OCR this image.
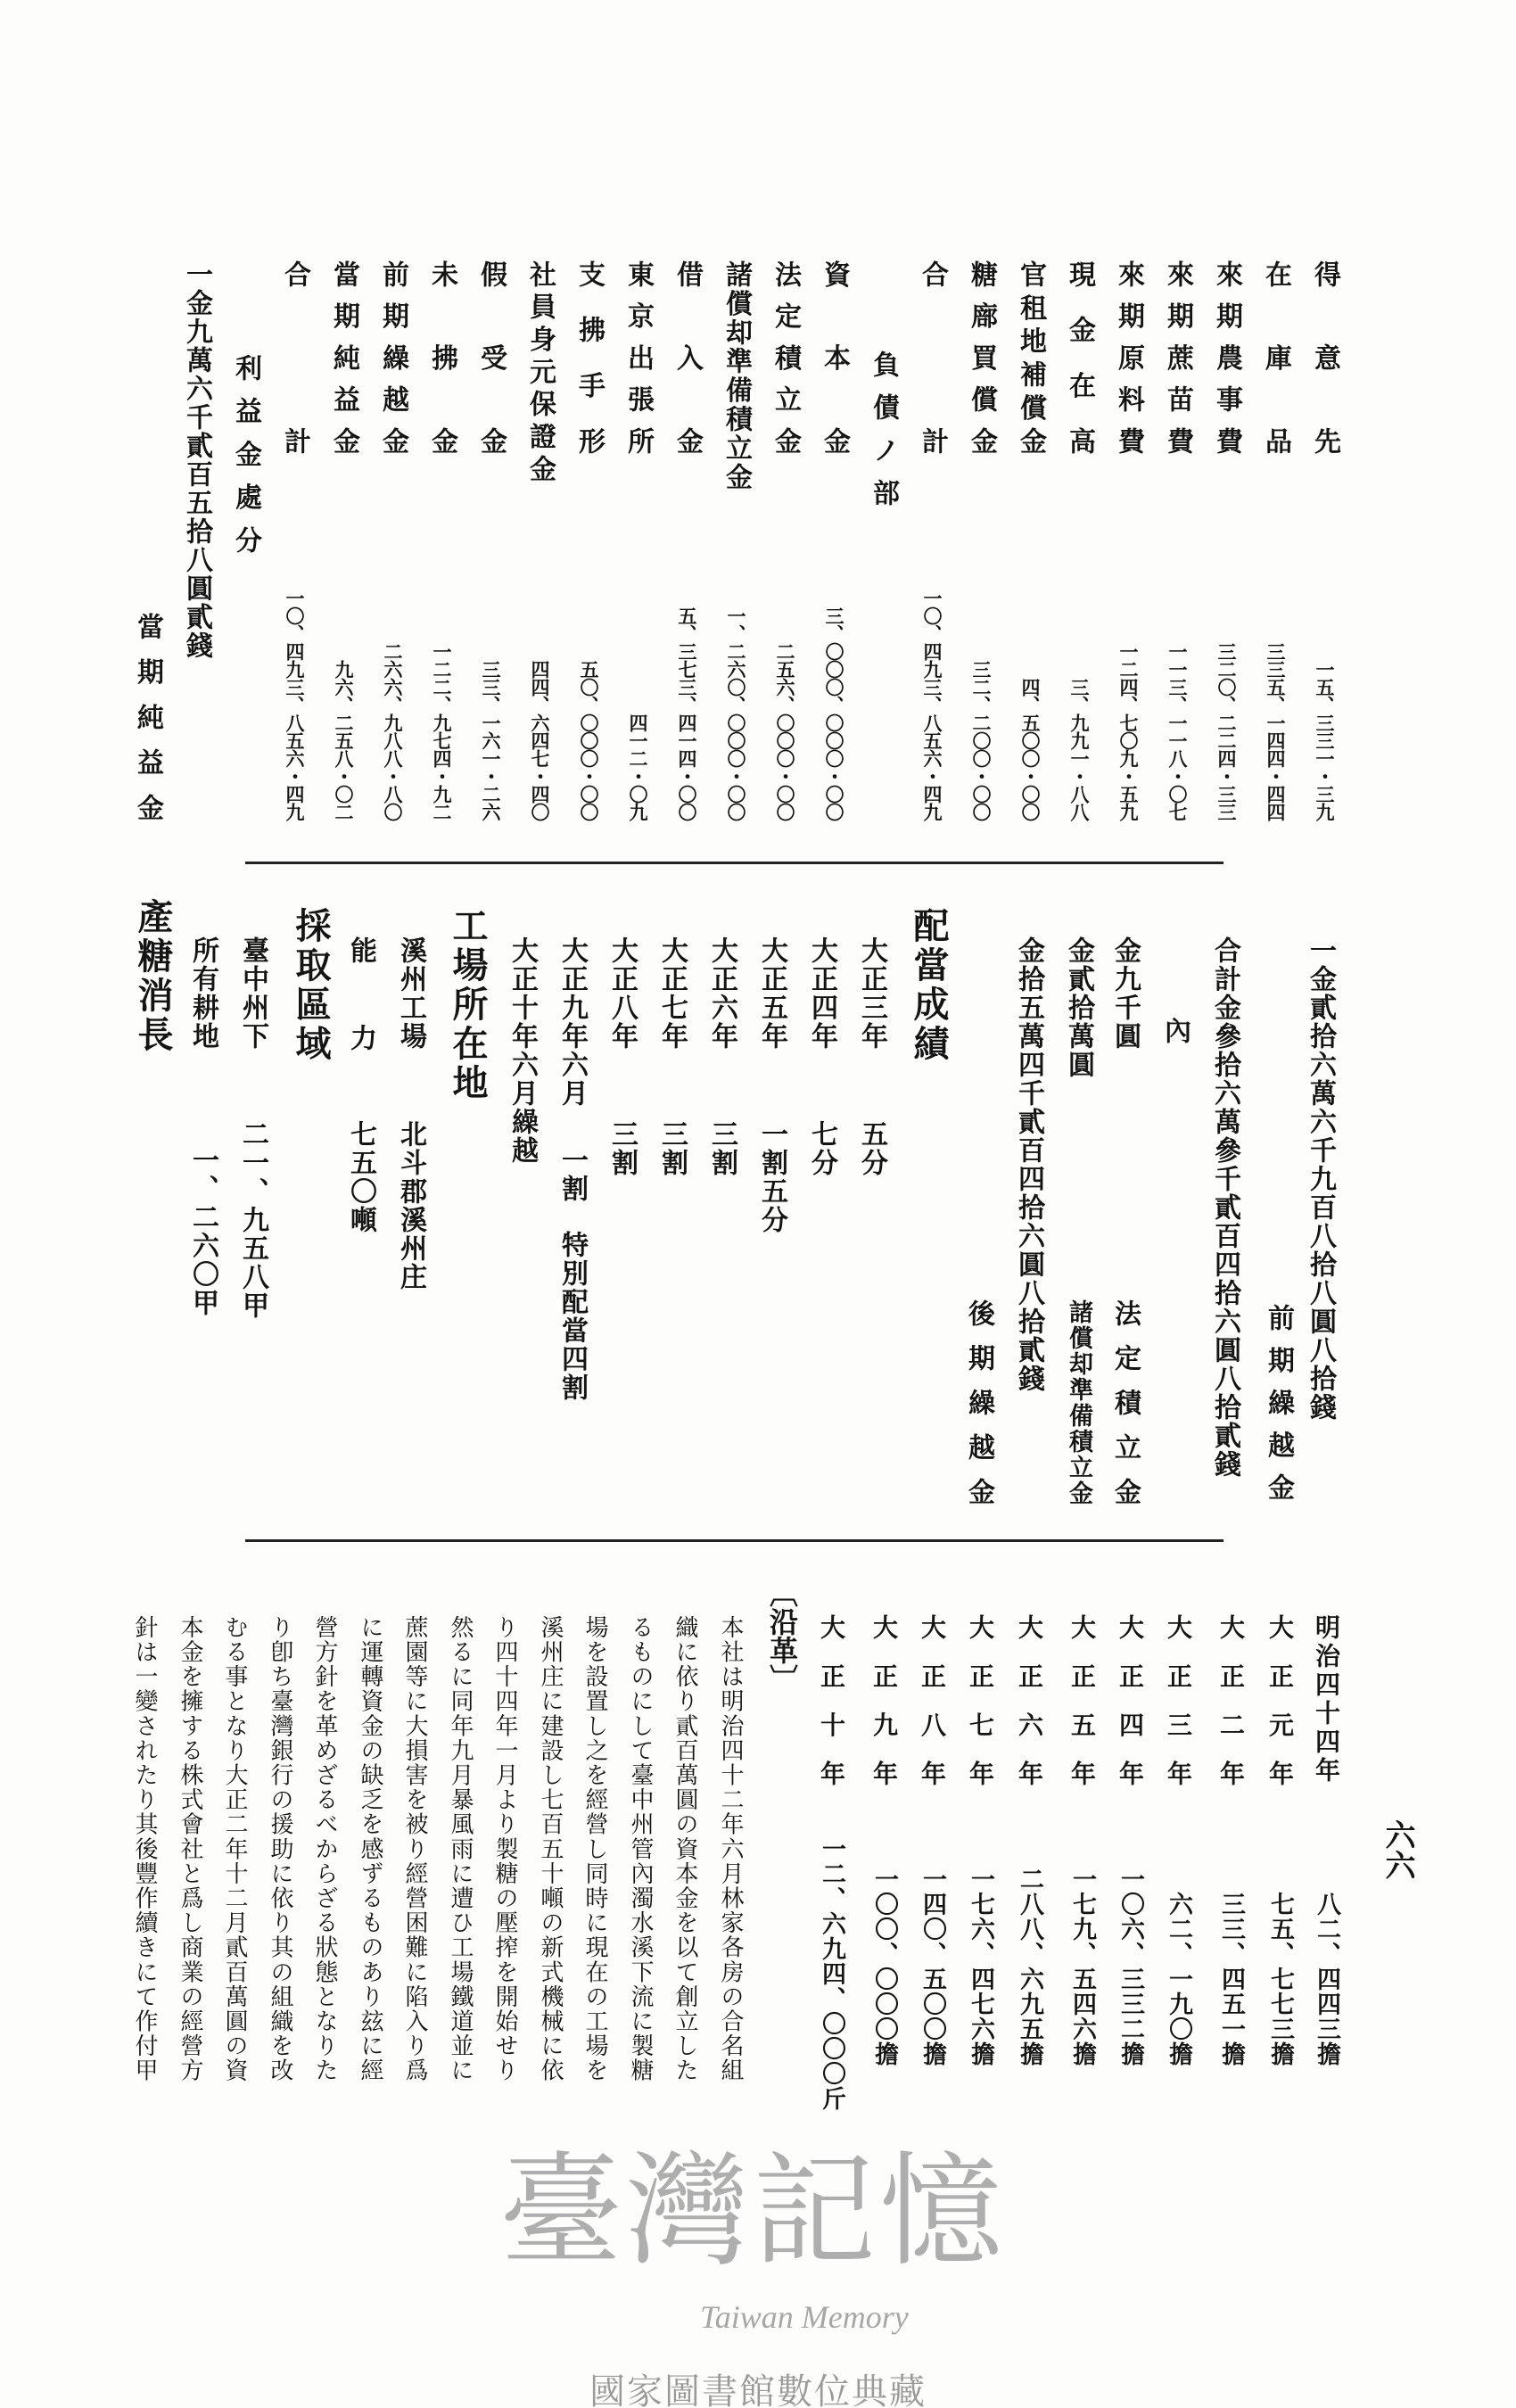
得意先
一五、三三一・三九
在庫品
三三五、一四四・四四
來期農事費
三二〇、二二四・三三
來期蔗苗費
一一三、一一八・〇七
來期原料費
一二四、七〇九・五九
現金在高
三、九九一・八八
官租地補償金
四、五〇〇・〇〇
糖廍買償金
三二、二〇〇・〇〇
合計
一〇、四九三、八五六・四九
負債ノ部
資本金
三、〇〇〇、〇〇〇・〇〇
法定積立金
二五六、〇〇〇・〇〇
諸償却準備積立金
一、二六〇、〇〇〇・〇〇
借入金
五、三七三、四一四・〇〇
東京出張所
四一二・〇九
支拂手形
五〇、〇〇〇・〇〇
社員身元保證金
四四、六四七・四〇
假受金
三三、一六一・二六
未拂金
一二二、九七四・九二
前期繰越金
二六六、九八八・八〇
當期純益金
九六、二五八・〇二
合計
一〇、四九三、八五六・四九
利益金處分
一金九萬六千貳百五拾八圓貳錢
當期純益金
一金貳拾六萬六千九百八拾八圓八拾錢
前期繰越金
合計金參拾六萬參千貳百四拾六圓八拾貳錢
內
金九千圓
法定積立金
金貳拾萬圓
諸償却準備積立金
金拾五萬四千貳百四拾六圓八拾貳錢
後期繰越金
配當成績
大正三年
五分
大正四年
七分
大正五年
一割五分
大正六年
三割
大正七年
三割
大正八年
三割
大正九年六月
一割
特別配當四割
大正十年六月繰越
工場所在地
溪州工場
北斗郡溪州庄
能力
七五〇噸
採取區域
臺中州下
二一、九五八甲
所有耕地
一、二六〇甲
產糖消長
明治四十四年
八二、四四三擔
大正元年
七五、七七三擔
大正二年
三三、四五一擔
大正三年
六二、一九〇擔
大正四年
一〇六、三三二擔
大正五年
一七九、五四六擔
大正六年
二八八、六九五擔
大正七年
一七六、四七六擔
大正八年
一四〇、五〇〇擔
大正九年
一〇〇、〇〇〇擔
大正十年
一二、六九四、〇〇〇斤
〔沿革〕
本社は明治四十二年六月林家各房の合名組
織に依り貳百萬圓の資本金を以て創立した
るものにして臺中州管內濁水溪下流に製糖
場を設置し之を經營し同時に現在の工場を
溪州庄に建設し七百五十噸の新式機械に依
り四十四年一月より製糖の壓搾を開始せり
然るに同年九月暴風雨に遭ひ工場鐵道並に
蔗園等に大損害を被り經營困難に陷入り爲
に運轉資金の缺乏を感ずるものあり玆に經
營方針を革めざるべからざる狀態となりた
り卽ち臺灣銀行の援助に依り其の組織を改
むる事となり大正二年十二月貳百萬圓の資
本金を擁する株式會社と爲し商業の經營方
針は一變されたり其後豐作續きにて作付甲
臺灣記憶
Taiwan Memory
六六
國家圖書館數位典藏
